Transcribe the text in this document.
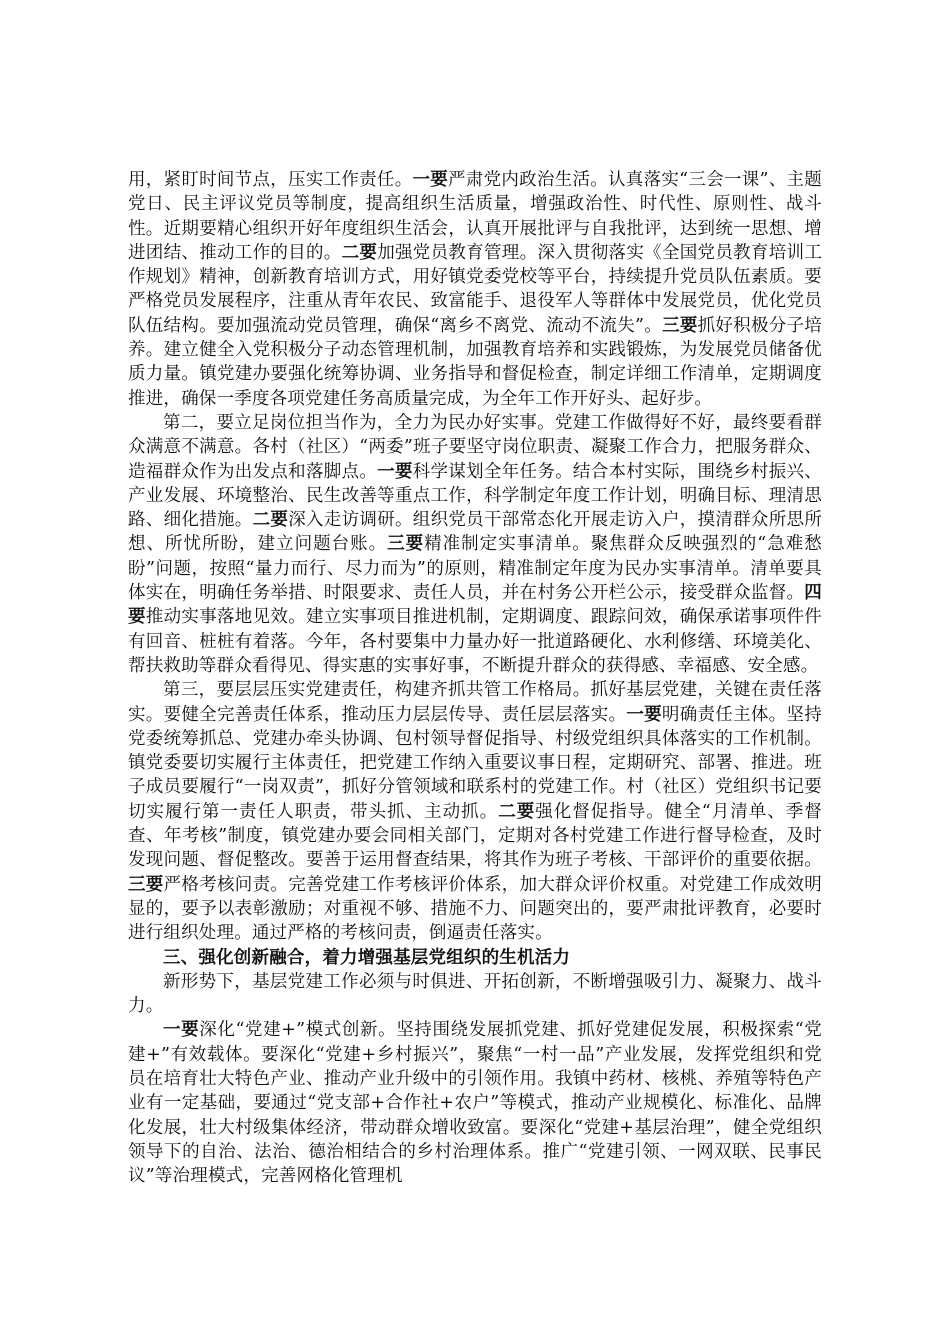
用，紧盯时间节点，压实工作责任。一要严肃党内政治生活。认真落实“三会一课”、主题党日、民主评议党员等制度，提高组织生活质量，增强政治性、时代性、原则性、战斗性。近期要精心组织开好年度组织生活会，认真开展批评与自我批评，达到统一思想、增进团结、推动工作的目的。二要加强党员教育管理。深入贯彻落实《全国党员教育培训工作规划》精神，创新教育培训方式，用好镇党委党校等平台，持续提升党员队伍素质。要严格党员发展程序，注重从青年农民、致富能手、退役军人等群体中发展党员，优化党员队伍结构。要加强流动党员管理，确保“离乡不离党、流动不流失”。三要抓好积极分子培养。建立健全入党积极分子动态管理机制，加强教育培养和实践锻炼，为发展党员储备优质力量。镇党建办要强化统筹协调、业务指导和督促检查，制定详细工作清单，定期调度推进，确保一季度各项党建任务高质量完成，为全年工作开好头、起好步。

第二，要立足岗位担当作为，全力为民办好实事。党建工作做得好不好，最终要看群众满意不满意。各村（社区）“两委”班子要坚守岗位职责、凝聚工作合力，把服务群众、造福群众作为出发点和落脚点。一要科学谋划全年任务。结合本村实际，围绕乡村振兴、产业发展、环境整治、民生改善等重点工作，科学制定年度工作计划，明确目标、理清思路、细化措施。二要深入走访调研。组织党员干部常态化开展走访入户，摸清群众所思所想、所忧所盼，建立问题台账。三要精准制定实事清单。聚焦群众反映强烈的“急难愁盼”问题，按照“量力而行、尽力而为”的原则，精准制定年度为民办实事清单。清单要具体实在，明确任务举措、时限要求、责任人员，并在村务公开栏公示，接受群众监督。四要推动实事落地见效。建立实事项目推进机制，定期调度、跟踪问效，确保承诺事项件件有回音、桩桩有着落。今年，各村要集中力量办好一批道路硬化、水利修缮、环境美化、帮扶救助等群众看得见、得实惠的实事好事，不断提升群众的获得感、幸福感、安全感。

第三，要层层压实党建责任，构建齐抓共管工作格局。抓好基层党建，关键在责任落实。要健全完善责任体系，推动压力层层传导、责任层层落实。一要明确责任主体。坚持党委统筹抓总、党建办牵头协调、包村领导督促指导、村级党组织具体落实的工作机制。镇党委要切实履行主体责任，把党建工作纳入重要议事日程，定期研究、部署、推进。班子成员要履行“一岗双责”，抓好分管领域和联系村的党建工作。村（社区）党组织书记要切实履行第一责任人职责，带头抓、主动抓。二要强化督促指导。健全“月清单、季督查、年考核”制度，镇党建办要会同相关部门，定期对各村党建工作进行督导检查，及时发现问题、督促整改。要善于运用督查结果，将其作为班子考核、干部评价的重要依据。三要严格考核问责。完善党建工作考核评价体系，加大群众评价权重。对党建工作成效明显的，要予以表彰激励；对重视不够、措施不力、问题突出的，要严肃批评教育，必要时进行组织处理。通过严格的考核问责，倒逼责任落实。

三、强化创新融合，着力增强基层党组织的生机活力

新形势下，基层党建工作必须与时俱进、开拓创新，不断增强吸引力、凝聚力、战斗力。

一要深化“党建+”模式创新。坚持围绕发展抓党建、抓好党建促发展，积极探索“党建+”有效载体。要深化“党建+乡村振兴”，聚焦“一村一品”产业发展，发挥党组织和党员在培育壮大特色产业、推动产业升级中的引领作用。我镇中药材、核桃、养殖等特色产业有一定基础，要通过“党支部+合作社+农户”等模式，推动产业规模化、标准化、品牌化发展，壮大村级集体经济，带动群众增收致富。要深化“党建+基层治理”，健全党组织领导下的自治、法治、德治相结合的乡村治理体系。推广“党建引领、一网双联、民事民议”等治理模式，完善网格化管理机
